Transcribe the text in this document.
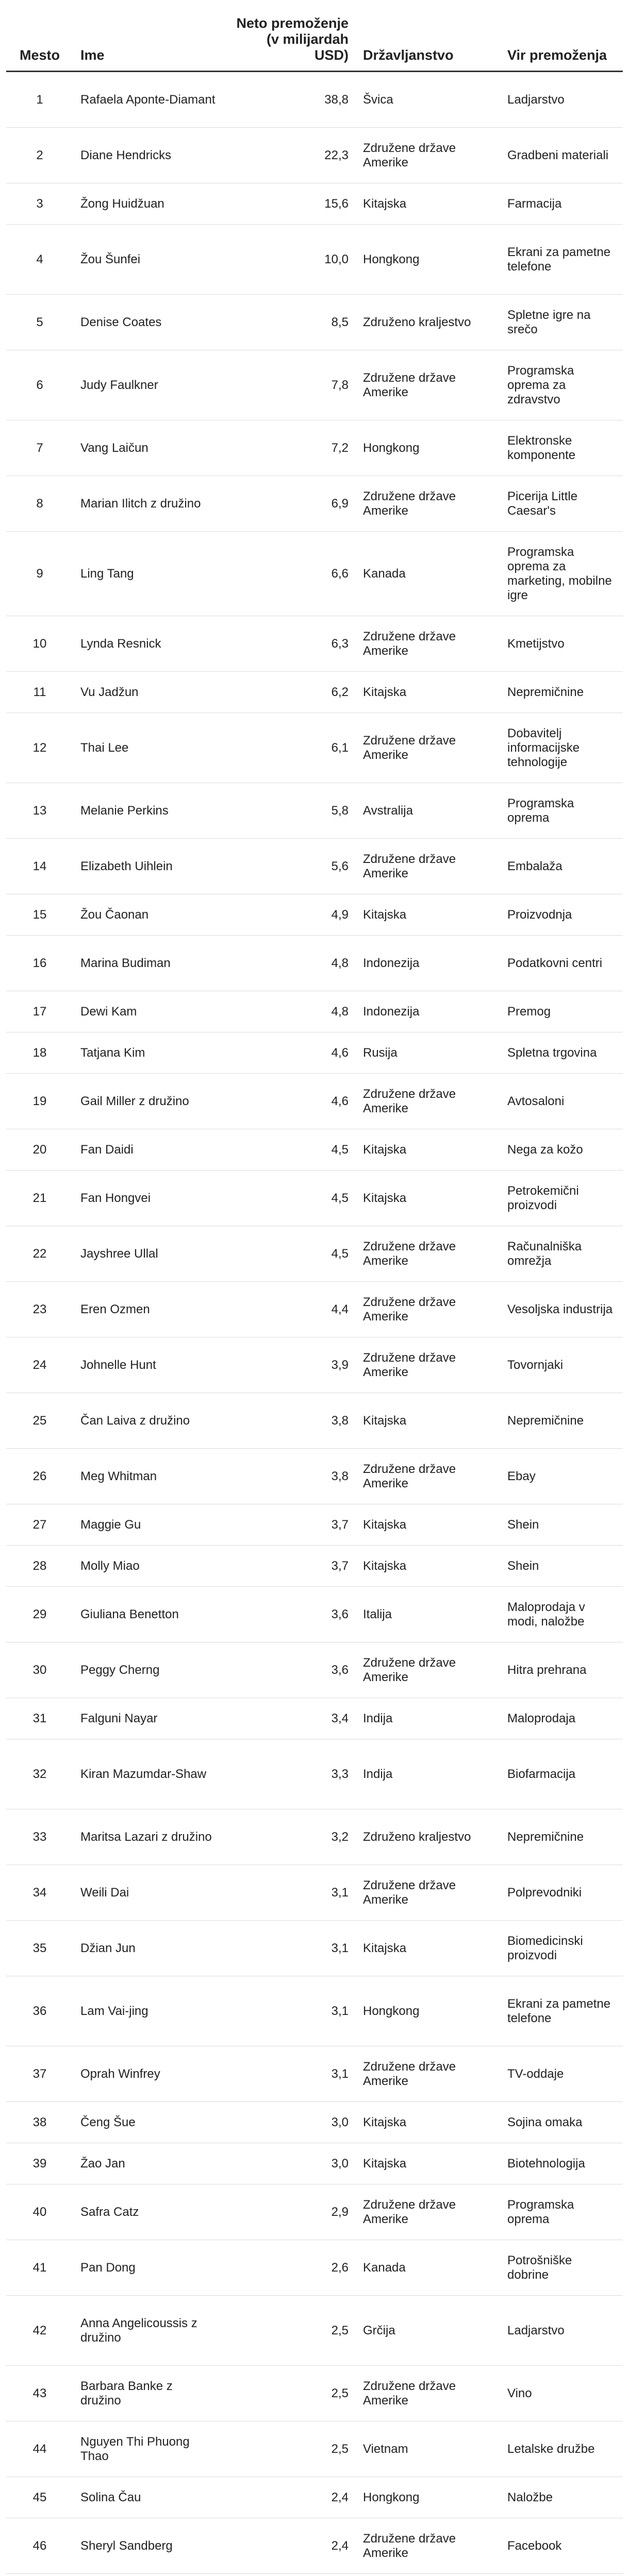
Mesto	Ime	Neto premoženje (v milijardah USD)	Državljanstvo	Vir premoženja
1	Rafaela Aponte-Diamant	38,8	Švica	Ladjarstvo
2	Diane Hendricks	22,3	Združene države Amerike	Gradbeni materiali
3	Žong Huidžuan	15,6	Kitajska	Farmacija
4	Žou Šunfei	10,0	Hongkong	Ekrani za pametne telefone
5	Denise Coates	8,5	Združeno kraljestvo	Spletne igre na srečo
6	Judy Faulkner	7,8	Združene države Amerike	Programska oprema za zdravstvo
7	Vang Laičun	7,2	Hongkong	Elektronske komponente
8	Marian Ilitch z družino	6,9	Združene države Amerike	Picerija Little Caesar's
9	Ling Tang	6,6	Kanada	Programska oprema za marketing, mobilne igre
10	Lynda Resnick	6,3	Združene države Amerike	Kmetijstvo
11	Vu Jadžun	6,2	Kitajska	Nepremičnine
12	Thai Lee	6,1	Združene države Amerike	Dobavitelj informacijske tehnologije
13	Melanie Perkins	5,8	Avstralija	Programska oprema
14	Elizabeth Uihlein	5,6	Združene države Amerike	Embalaža
15	Žou Čaonan	4,9	Kitajska	Proizvodnja
16	Marina Budiman	4,8	Indonezija	Podatkovni centri
17	Dewi Kam	4,8	Indonezija	Premog
18	Tatjana Kim	4,6	Rusija	Spletna trgovina
19	Gail Miller z družino	4,6	Združene države Amerike	Avtosaloni
20	Fan Daidi	4,5	Kitajska	Nega za kožo
21	Fan Hongvei	4,5	Kitajska	Petrokemični proizvodi
22	Jayshree Ullal	4,5	Združene države Amerike	Računalniška omrežja
23	Eren Ozmen	4,4	Združene države Amerike	Vesoljska industrija
24	Johnelle Hunt	3,9	Združene države Amerike	Tovornjaki
25	Čan Laiva z družino	3,8	Kitajska	Nepremičnine
26	Meg Whitman	3,8	Združene države Amerike	Ebay
27	Maggie Gu	3,7	Kitajska	Shein
28	Molly Miao	3,7	Kitajska	Shein
29	Giuliana Benetton	3,6	Italija	Maloprodaja v modi, naložbe
30	Peggy Cherng	3,6	Združene države Amerike	Hitra prehrana
31	Falguni Nayar	3,4	Indija	Maloprodaja
32	Kiran Mazumdar-Shaw	3,3	Indija	Biofarmacija
33	Maritsa Lazari z družino	3,2	Združeno kraljestvo	Nepremičnine
34	Weili Dai	3,1	Združene države Amerike	Polprevodniki
35	Džian Jun	3,1	Kitajska	Biomedicinski proizvodi
36	Lam Vai-jing	3,1	Hongkong	Ekrani za pametne telefone
37	Oprah Winfrey	3,1	Združene države Amerike	TV-oddaje
38	Čeng Šue	3,0	Kitajska	Sojina omaka
39	Žao Jan	3,0	Kitajska	Biotehnologija
40	Safra Catz	2,9	Združene države Amerike	Programska oprema
41	Pan Dong	2,6	Kanada	Potrošniške dobrine
42	Anna Angelicoussis z družino	2,5	Grčija	Ladjarstvo
43	Barbara Banke z družino	2,5	Združene države Amerike	Vino
44	Nguyen Thi Phuong Thao	2,5	Vietnam	Letalske družbe
45	Solina Čau	2,4	Hongkong	Naložbe
46	Sheryl Sandberg	2,4	Združene države Amerike	Facebook
